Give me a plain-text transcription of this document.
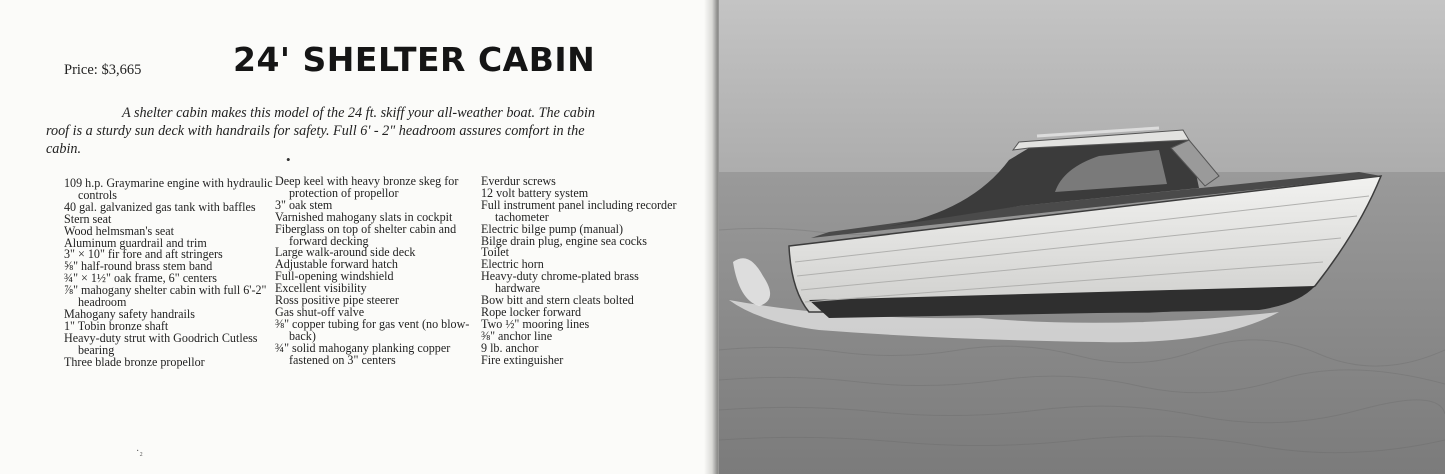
Price: $3,665	24' SHELTER CABIN
A shelter cabin makes this model of the 24 ft. skiff your all-weather boat. The cabin roof is a sturdy sun deck with handrails for safety. Full 6' - 2" headroom assures comfort in the cabin.
•
109 h.p. Graymarine engine with hydraulic controls
40 gal. galvanized gas tank with baffles
Stern seat
Wood helmsman's seat
Aluminum guardrail and trim
3" × 10" fir fore and aft stringers
⅝" half-round brass stem band
¾" × 1½" oak frame, 6" centers
⅞" mahogany shelter cabin with full 6'-2" headroom
Mahogany safety handrails
1" Tobin bronze shaft
Heavy-duty strut with Goodrich Cutless bearing
Three blade bronze propellor
Deep keel with heavy bronze skeg for protection of propellor
3" oak stem
Varnished mahogany slats in cockpit
Fiberglass on top of shelter cabin and forward decking
Large walk-around side deck
Adjustable forward hatch
Full-opening windshield
Excellent visibility
Ross positive pipe steerer
Gas shut-off valve
⅜" copper tubing for gas vent (no blow-back)
¾" solid mahogany planking copper fastened on 3" centers
Everdur screws
12 volt battery system
Full instrument panel including recorder tachometer
Electric bilge pump (manual)
Bilge drain plug, engine sea cocks
Toilet
Electric horn
Heavy-duty chrome-plated brass hardware
Bow bitt and stern cleats bolted
Rope locker forward
Two ½" mooring lines
⅜" anchor line
9 lb. anchor
Fire extinguisher
·₂
